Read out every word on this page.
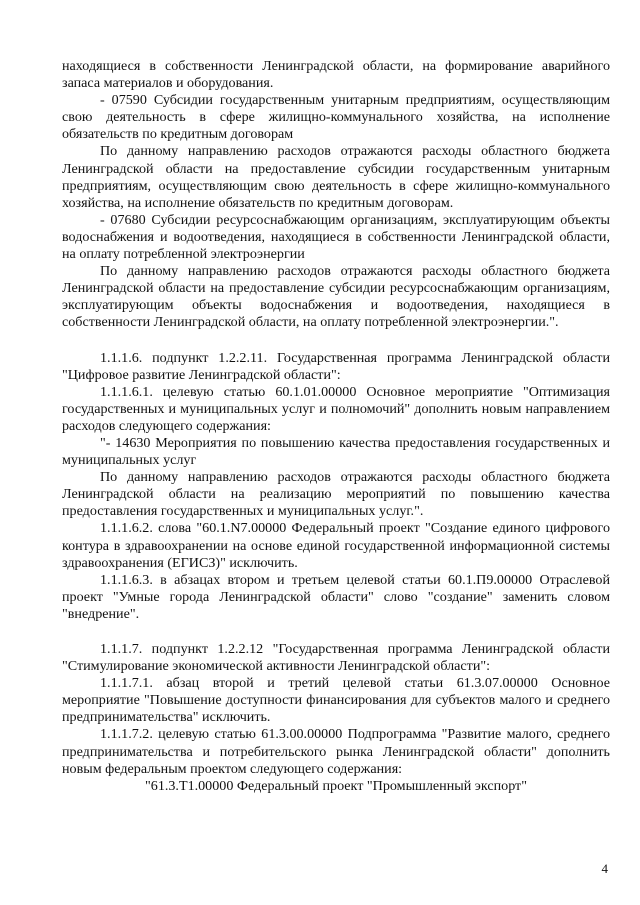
находящиеся в собственности Ленинградской области, на формирование аварийного запаса материалов и оборудования.

- 07590 Субсидии государственным унитарным предприятиям, осуществляющим свою деятельность в сфере жилищно-коммунального хозяйства, на исполнение обязательств по кредитным договорам

По данному направлению расходов отражаются расходы областного бюджета Ленинградской области на предоставление субсидии государственным унитарным предприятиям, осуществляющим свою деятельность в сфере жилищно-коммунального хозяйства, на исполнение обязательств по кредитным договорам.

- 07680 Субсидии ресурсоснабжающим организациям, эксплуатирующим объекты водоснабжения и водоотведения, находящиеся в собственности Ленинградской области, на оплату потребленной электроэнергии

По данному направлению расходов отражаются расходы областного бюджета Ленинградской области на предоставление субсидии ресурсоснабжающим организациям, эксплуатирующим объекты водоснабжения и водоотведения, находящиеся в собственности Ленинградской области, на оплату потребленной электроэнергии.".

1.1.1.6. подпункт 1.2.2.11. Государственная программа Ленинградской области "Цифровое развитие Ленинградской области":

1.1.1.6.1. целевую статью 60.1.01.00000 Основное мероприятие "Оптимизация государственных и муниципальных услуг и полномочий" дополнить новым направлением расходов следующего содержания:

"- 14630 Мероприятия по повышению качества предоставления государственных и муниципальных услуг

По данному направлению расходов отражаются расходы областного бюджета Ленинградской области на реализацию мероприятий по повышению качества предоставления государственных и муниципальных услуг.".

1.1.1.6.2. слова "60.1.N7.00000 Федеральный проект "Создание единого цифрового контура в здравоохранении на основе единой государственной информационной системы здравоохранения (ЕГИСЗ)" исключить.

1.1.1.6.3. в абзацах втором и третьем целевой статьи 60.1.П9.00000 Отраслевой проект "Умные города Ленинградской области" слово "создание" заменить словом "внедрение".

1.1.1.7. подпункт 1.2.2.12 "Государственная программа Ленинградской области "Стимулирование экономической активности Ленинградской области":

1.1.1.7.1. абзац второй и третий целевой статьи 61.3.07.00000 Основное мероприятие "Повышение доступности финансирования для субъектов малого и среднего предпринимательства" исключить.

1.1.1.7.2. целевую статью 61.3.00.00000 Подпрограмма "Развитие малого, среднего предпринимательства и потребительского рынка Ленинградской области" дополнить новым федеральным проектом следующего содержания:

"61.3.T1.00000 Федеральный проект "Промышленный экспорт"

4
